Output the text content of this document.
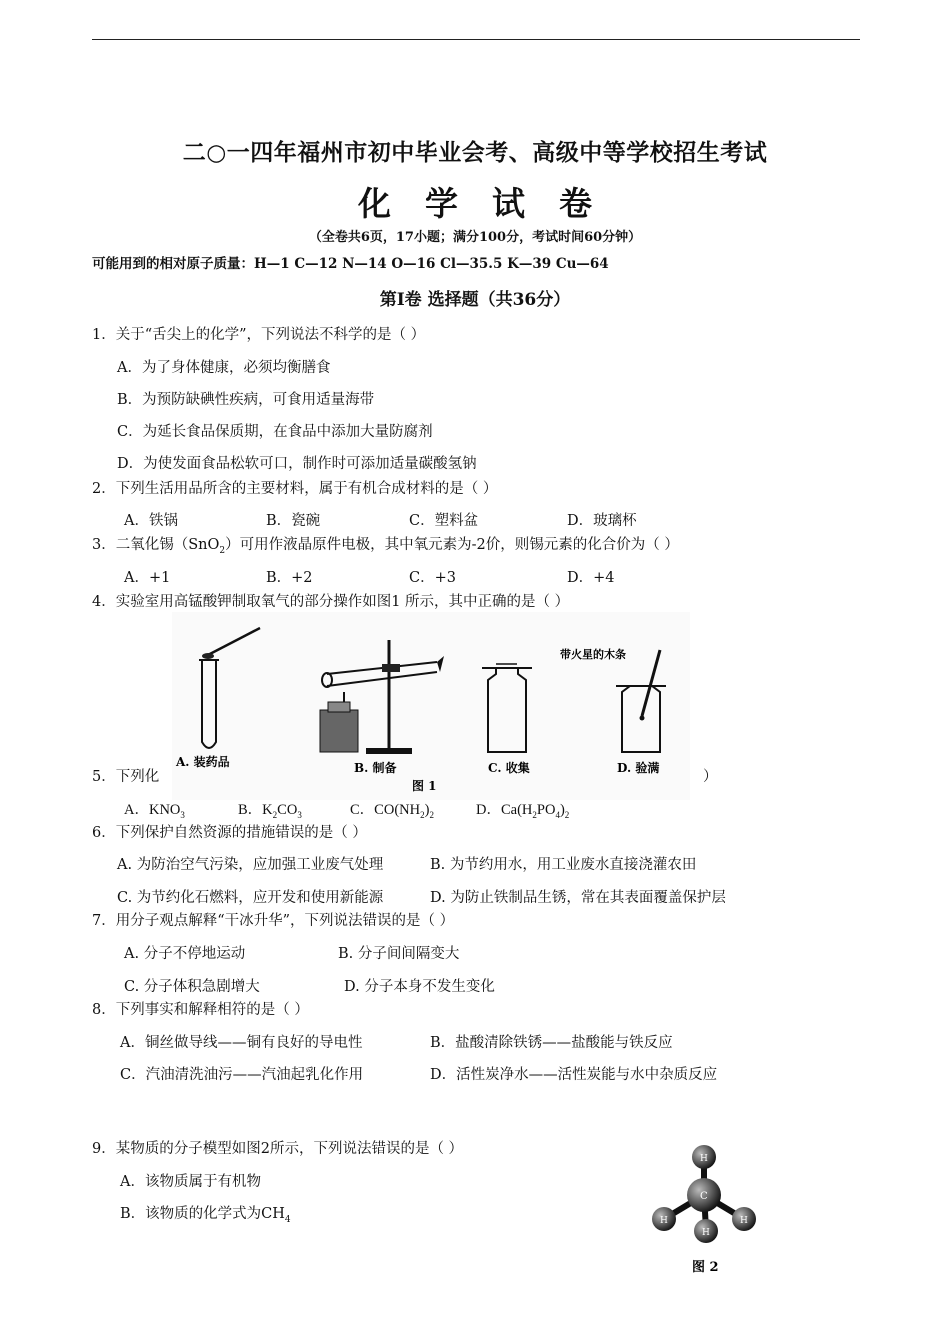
二○一四年福州市初中毕业会考、高级中等学校招生考试
化学试卷
（全卷共6页，17小题；满分100分，考试时间60分钟）
可能用到的相对原子质量：H—1 C—12 N—14 O—16 Cl—35.5 K—39 Cu—64
第Ⅰ卷 选择题（共36分）
1．关于“舌尖上的化学”，下列说法不科学的是（ ）
A．为了身体健康，必须均衡膳食
B．为预防缺碘性疾病，可食用适量海带
C．为延长食品保质期，在食品中添加大量防腐剂
D．为使发面食品松软可口，制作时可添加适量碳酸氢钠
2．下列生活用品所含的主要材料，属于有机合成材料的是（ ）
A．铁锅	B．瓷碗	C．塑料盆	D．玻璃杯
3．二氧化锡（SnO$_2$）可用作液晶原件电极，其中氧元素为-2价，则锡元素的化合价为（ ）
A．+1	B．+2	C．+3	D．+4
4．实验室用高锰酸钾制取氧气的部分操作如图1 所示，其中正确的是（ ）
5．下列化	）
A. 装药品	B. 制备	C. 收集
带火星的木条
D. 验满
图 1
A．$KNO_3$	B．$K_2CO_3$	C．$CO(NH_2)_2$	D．$Ca(H_2PO_4)_2$
6．下列保护自然资源的措施错误的是（ ）
A. 为防治空气污染，应加强工业废气处理	B. 为节约用水，用工业废水直接浇灌农田
C. 为节约化石燃料，应开发和使用新能源	D. 为防止铁制品生锈，常在其表面覆盖保护层
7．用分子观点解释“干冰升华”，下列说法错误的是（ ）
A. 分子不停地运动	B. 分子间间隔变大
C. 分子体积急剧增大	D. 分子本身不发生变化
8．下列事实和解释相符的是（ ）
A．铜丝做导线——铜有良好的导电性	B．盐酸清除铁锈——盐酸能与铁反应
C．汽油清洗油污——汽油起乳化作用	D．活性炭净水——活性炭能与水中杂质反应
9．某物质的分子模型如图2所示，下列说法错误的是（ ）
A．该物质属于有机物
B．该物质的化学式为$CH_4$
H
C
H	H
H
图 2
